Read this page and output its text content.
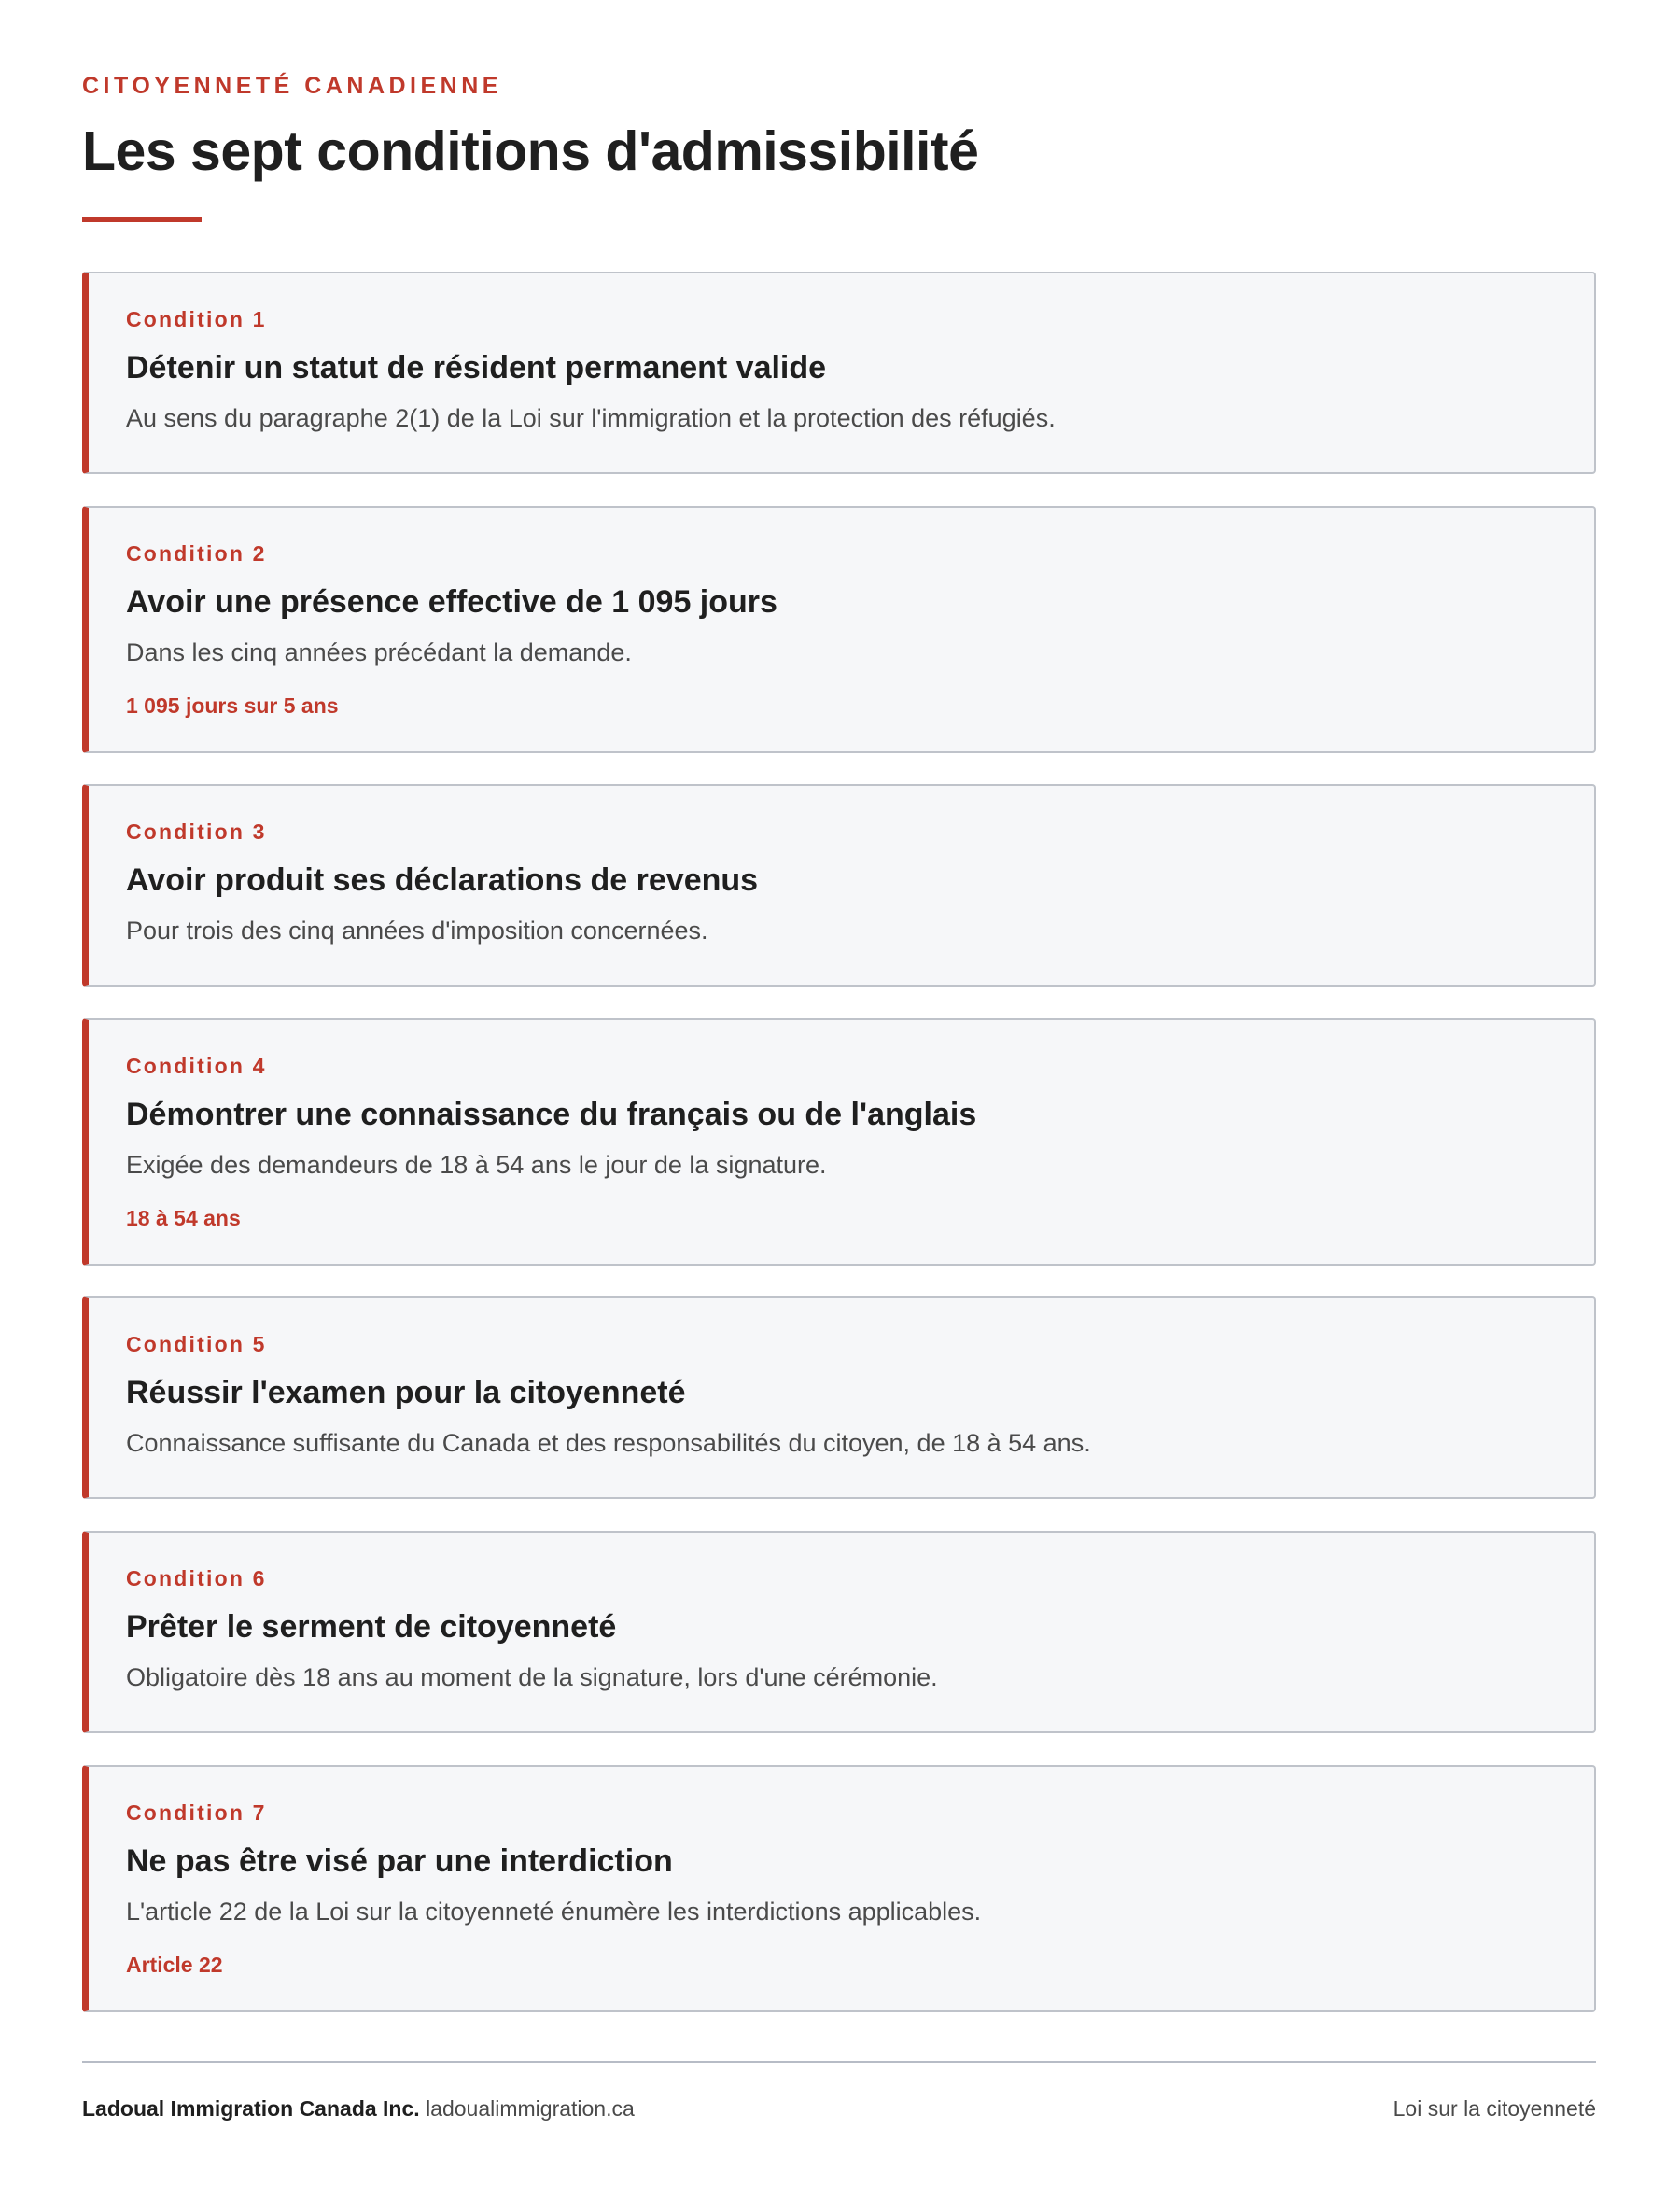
CITOYENNETÉ CANADIENNE
Les sept conditions d'admissibilité
Condition 1
Détenir un statut de résident permanent valide
Au sens du paragraphe 2(1) de la Loi sur l'immigration et la protection des réfugiés.
Condition 2
Avoir une présence effective de 1 095 jours
Dans les cinq années précédant la demande.
1 095 jours sur 5 ans
Condition 3
Avoir produit ses déclarations de revenus
Pour trois des cinq années d'imposition concernées.
Condition 4
Démontrer une connaissance du français ou de l'anglais
Exigée des demandeurs de 18 à 54 ans le jour de la signature.
18 à 54 ans
Condition 5
Réussir l'examen pour la citoyenneté
Connaissance suffisante du Canada et des responsabilités du citoyen, de 18 à 54 ans.
Condition 6
Prêter le serment de citoyenneté
Obligatoire dès 18 ans au moment de la signature, lors d'une cérémonie.
Condition 7
Ne pas être visé par une interdiction
L'article 22 de la Loi sur la citoyenneté énumère les interdictions applicables.
Article 22
Ladoual Immigration Canada Inc. ladoualimmigration.ca	Loi sur la citoyenneté
